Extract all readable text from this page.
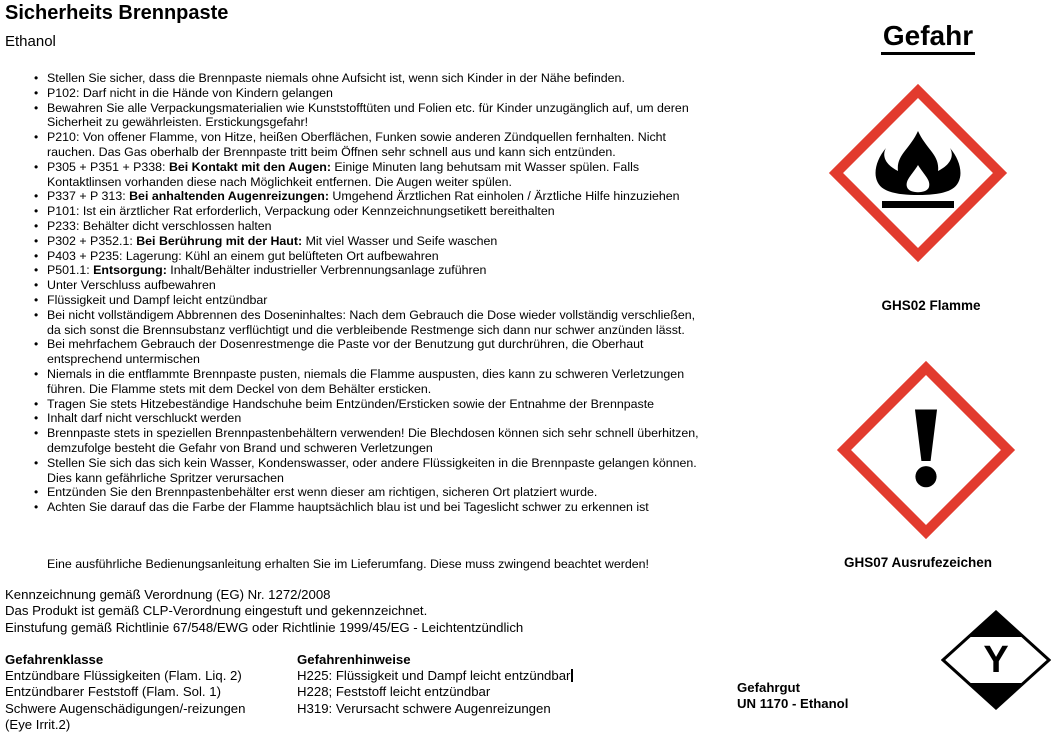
Sicherheits Brennpaste
Ethanol
• Stellen Sie sicher, dass die Brennpaste niemals ohne Aufsicht ist, wenn sich Kinder in der Nähe befinden.
• P102: Darf nicht in die Hände von Kindern gelangen
• Bewahren Sie alle Verpackungsmaterialien wie Kunststofftüten und Folien etc. für Kinder unzugänglich auf, um deren Sicherheit zu gewährleisten. Erstickungsgefahr!
• P210: Von offener Flamme, von Hitze, heißen Oberflächen, Funken sowie anderen Zündquellen fernhalten. Nicht rauchen. Das Gas oberhalb der Brennpaste tritt beim Öffnen sehr schnell aus und kann sich entzünden.
• P305 + P351 + P338: Bei Kontakt mit den Augen: Einige Minuten lang behutsam mit Wasser spülen. Falls Kontaktlinsen vorhanden diese nach Möglichkeit entfernen. Die Augen weiter spülen.
• P337 + P 313: Bei anhaltenden Augenreizungen: Umgehend Ärztlichen Rat einholen / Ärztliche Hilfe hinzuziehen
• P101: Ist ein ärztlicher Rat erforderlich, Verpackung oder Kennzeichnungsetikett bereithalten
• P233: Behälter dicht verschlossen halten
• P302 + P352.1: Bei Berührung mit der Haut: Mit viel Wasser und Seife waschen
• P403 + P235: Lagerung: Kühl an einem gut belüfteten Ort aufbewahren
• P501.1: Entsorgung: Inhalt/Behälter industrieller Verbrennungsanlage zuführen
• Unter Verschluss aufbewahren
• Flüssigkeit und Dampf leicht entzündbar
• Bei nicht vollständigem Abbrennen des Doseninhaltes: Nach dem Gebrauch die Dose wieder vollständig verschließen, da sich sonst die Brennsubstanz verflüchtigt und die verbleibende Restmenge sich dann nur schwer anzünden lässt.
• Bei mehrfachem Gebrauch der Dosenrestmenge die Paste vor der Benutzung gut durchrühren, die Oberhaut entsprechend untermischen
• Niemals in die entflammte Brennpaste pusten, niemals die Flamme auspusten, dies kann zu schweren Verletzungen führen. Die Flamme stets mit dem Deckel von dem Behälter ersticken.
• Tragen Sie stets Hitzebeständige Handschuhe beim Entzünden/Ersticken sowie der Entnahme der Brennpaste
• Inhalt darf nicht verschluckt werden
• Brennpaste stets in speziellen Brennpastenbehältern verwenden! Die Blechdosen können sich sehr schnell überhitzen, demzufolge besteht die Gefahr von Brand und schweren Verletzungen
• Stellen Sie sich das sich kein Wasser, Kondenswasser, oder andere Flüssigkeiten in die Brennpaste gelangen können. Dies kann gefährliche Spritzer verursachen
• Entzünden Sie den Brennpastenbehälter erst wenn dieser am richtigen, sicheren Ort platziert wurde.
• Achten Sie darauf das die Farbe der Flamme hauptsächlich blau ist und bei Tageslicht schwer zu erkennen ist
Eine ausführliche Bedienungsanleitung erhalten Sie im Lieferumfang. Diese muss zwingend beachtet werden!
Kennzeichnung gemäß Verordnung (EG) Nr. 1272/2008
Das Produkt ist gemäß CLP-Verordnung eingestuft und gekennzeichnet.
Einstufung gemäß Richtlinie 67/548/EWG oder Richtlinie 1999/45/EG - Leichtentzündlich
Gefahrenklasse
Entzündbare Flüssigkeiten (Flam. Liq. 2)
Entzündbarer Feststoff (Flam. Sol. 1)
Schwere Augenschädigungen/-reizungen
(Eye Irrit.2)
Gefahrenhinweise
H225: Flüssigkeit und Dampf leicht entzündbar
H228; Feststoff leicht entzündbar
H319: Verursacht schwere Augenreizungen
Gefahrgut
UN 1170 - Ethanol
Gefahr
GHS02 Flamme
GHS07 Ausrufezeichen
Y
